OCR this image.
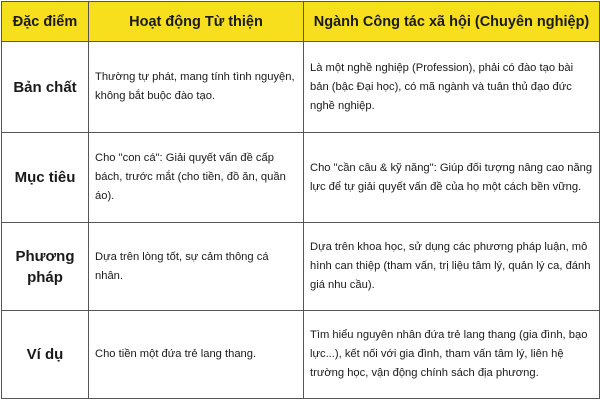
Đặc điểm	Hoạt động Từ thiện	Ngành Công tác xã hội (Chuyên nghiệp)
Bản chất	Thường tự phát, mang tính tình nguyện, không bắt buộc đào tạo.	Là một nghề nghiệp (Profession), phải có đào tạo bài bản (bậc Đại học), có mã ngành và tuân thủ đạo đức nghề nghiệp.
Mục tiêu	Cho "con cá": Giải quyết vấn đề cấp bách, trước mắt (cho tiền, đồ ăn, quần áo).	Cho "cần câu & kỹ năng": Giúp đối tượng nâng cao năng lực để tự giải quyết vấn đề của họ một cách bền vững.
Phương pháp	Dựa trên lòng tốt, sự cảm thông cá nhân.	Dựa trên khoa học, sử dụng các phương pháp luận, mô hình can thiệp (tham vấn, trị liệu tâm lý, quản lý ca, đánh giá nhu cầu).
Ví dụ	Cho tiền một đứa trẻ lang thang.	Tìm hiểu nguyên nhân đứa trẻ lang thang (gia đình, bạo lực...), kết nối với gia đình, tham vấn tâm lý, liên hệ trường học, vận động chính sách địa phương.
